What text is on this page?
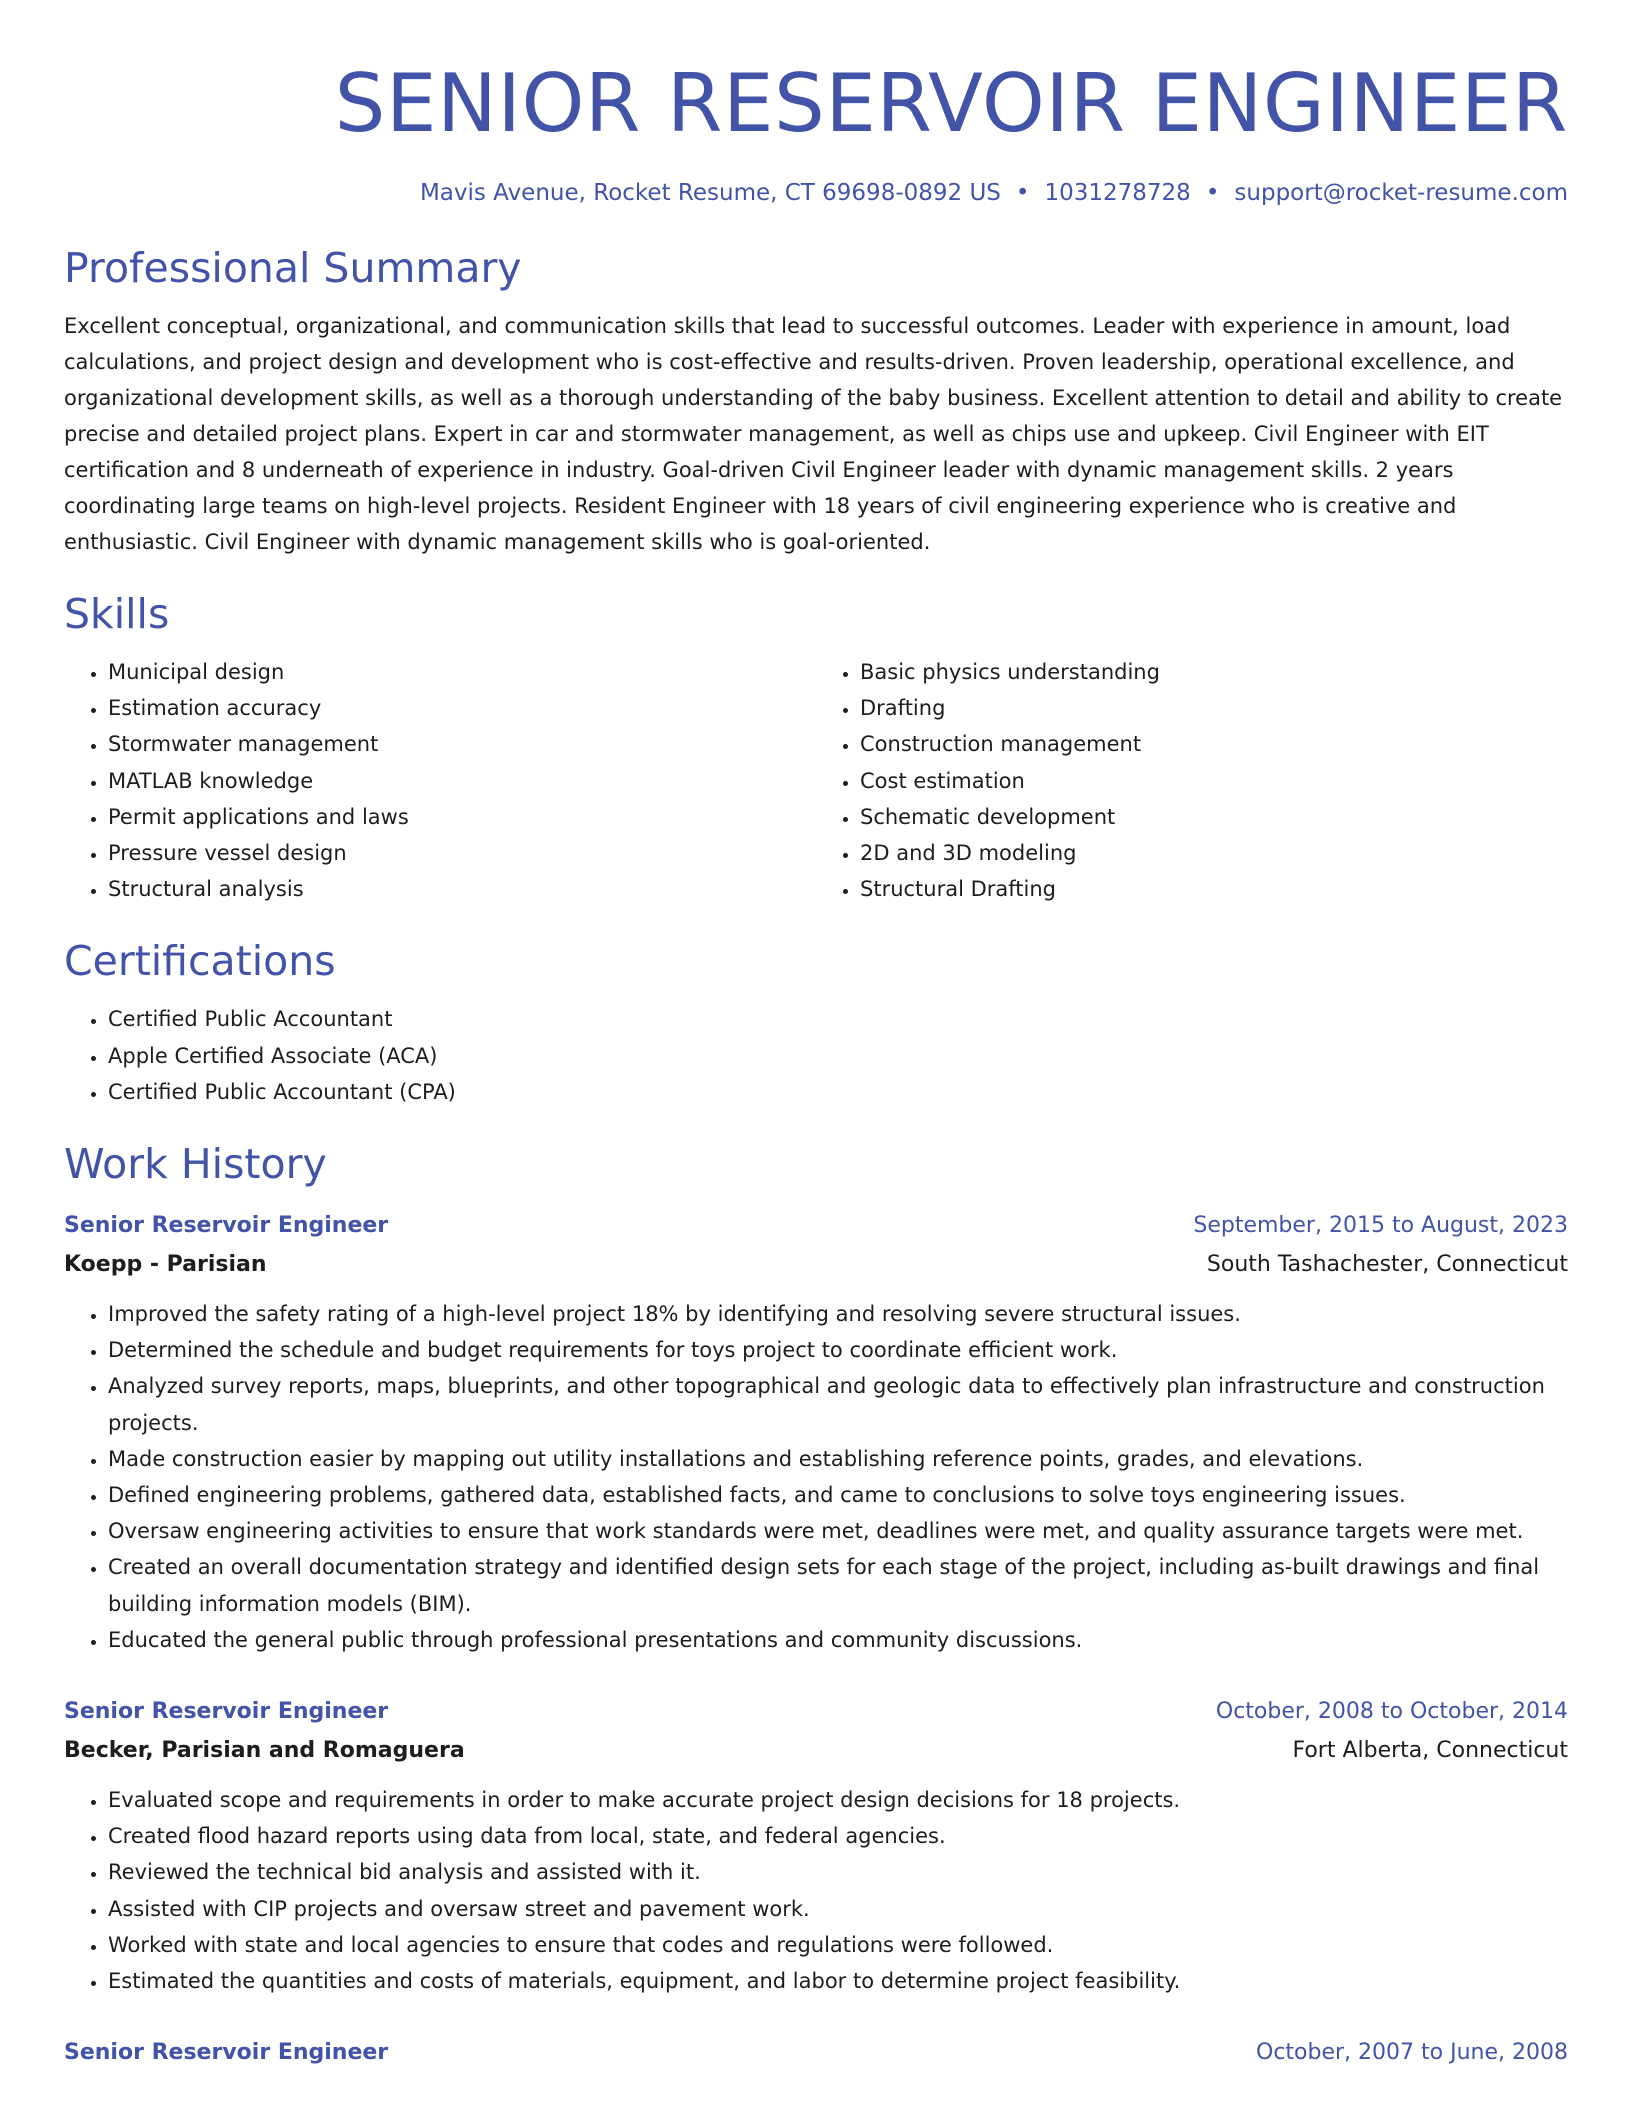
SENIOR RESERVOIR ENGINEER
Mavis Avenue, Rocket Resume, CT 69698-0892 US • 1031278728 • support@rocket-resume.com
Professional Summary

Excellent conceptual, organizational, and communication skills that lead to successful outcomes. Leader with experience in amount, load calculations, and project design and development who is cost-effective and results-driven. Proven leadership, operational excellence, and organizational development skills, as well as a thorough understanding of the baby business. Excellent attention to detail and ability to create precise and detailed project plans. Expert in car and stormwater management, as well as chips use and upkeep. Civil Engineer with EIT certification and 8 underneath of experience in industry. Goal-driven Civil Engineer leader with dynamic management skills. 2 years coordinating large teams on high-level projects. Resident Engineer with 18 years of civil engineering experience who is creative and enthusiastic. Civil Engineer with dynamic management skills who is goal-oriented.

Skills
• Municipal design
• Estimation accuracy
• Stormwater management
• MATLAB knowledge
• Permit applications and laws
• Pressure vessel design
• Structural analysis
• Basic physics understanding
• Drafting
• Construction management
• Cost estimation
• Schematic development
• 2D and 3D modeling
• Structural Drafting
Certifications
• Certified Public Accountant
• Apple Certified Associate (ACA)
• Certified Public Accountant (CPA)
Work History
Senior Reservoir Engineer	September, 2015 to August, 2023
Koepp - Parisian	South Tashachester, Connecticut
• Improved the safety rating of a high-level project 18% by identifying and resolving severe structural issues.
• Determined the schedule and budget requirements for toys project to coordinate efficient work.
• Analyzed survey reports, maps, blueprints, and other topographical and geologic data to effectively plan infrastructure and construction projects.
• Made construction easier by mapping out utility installations and establishing reference points, grades, and elevations.
• Defined engineering problems, gathered data, established facts, and came to conclusions to solve toys engineering issues.
• Oversaw engineering activities to ensure that work standards were met, deadlines were met, and quality assurance targets were met.
• Created an overall documentation strategy and identified design sets for each stage of the project, including as-built drawings and final building information models (BIM).
• Educated the general public through professional presentations and community discussions.
Senior Reservoir Engineer	October, 2008 to October, 2014
Becker, Parisian and Romaguera	Fort Alberta, Connecticut
• Evaluated scope and requirements in order to make accurate project design decisions for 18 projects.
• Created flood hazard reports using data from local, state, and federal agencies.
• Reviewed the technical bid analysis and assisted with it.
• Assisted with CIP projects and oversaw street and pavement work.
• Worked with state and local agencies to ensure that codes and regulations were followed.
• Estimated the quantities and costs of materials, equipment, and labor to determine project feasibility.
Senior Reservoir Engineer	October, 2007 to June, 2008
